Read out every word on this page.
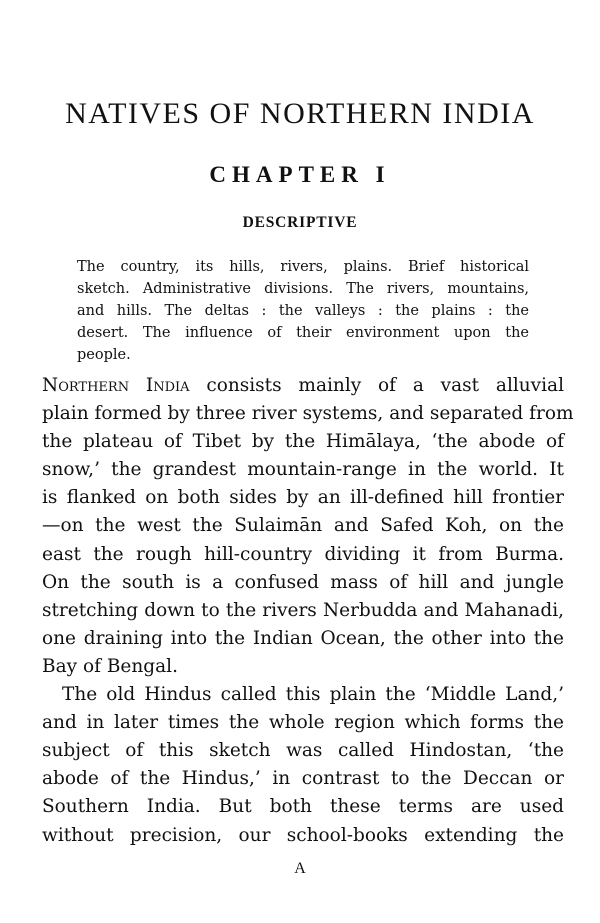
NATIVES OF NORTHERN INDIA
CHAPTER I
DESCRIPTIVE
The country, its hills, rivers, plains. Brief historical
sketch. Administrative divisions. The rivers, mountains,
and hills. The deltas : the valleys : the plains : the
desert. The influence of their environment upon the
people.
Northern India consists mainly of a vast alluvial
plain formed by three river systems, and separated from
the plateau of Tibet by the Himālaya, ‘the abode of
snow,’ the grandest mountain-range in the world. It
is flanked on both sides by an ill-defined hill frontier
—on the west the Sulaimān and Safed Koh, on the
east the rough hill-country dividing it from Burma.
On the south is a confused mass of hill and jungle
stretching down to the rivers Nerbudda and Mahanadi,
one draining into the Indian Ocean, the other into the
Bay of Bengal.
The old Hindus called this plain the ‘Middle Land,’
and in later times the whole region which forms the
subject of this sketch was called Hindostan, ‘the
abode of the Hindus,’ in contrast to the Deccan or
Southern India. But both these terms are used
without precision, our school-books extending the
A
